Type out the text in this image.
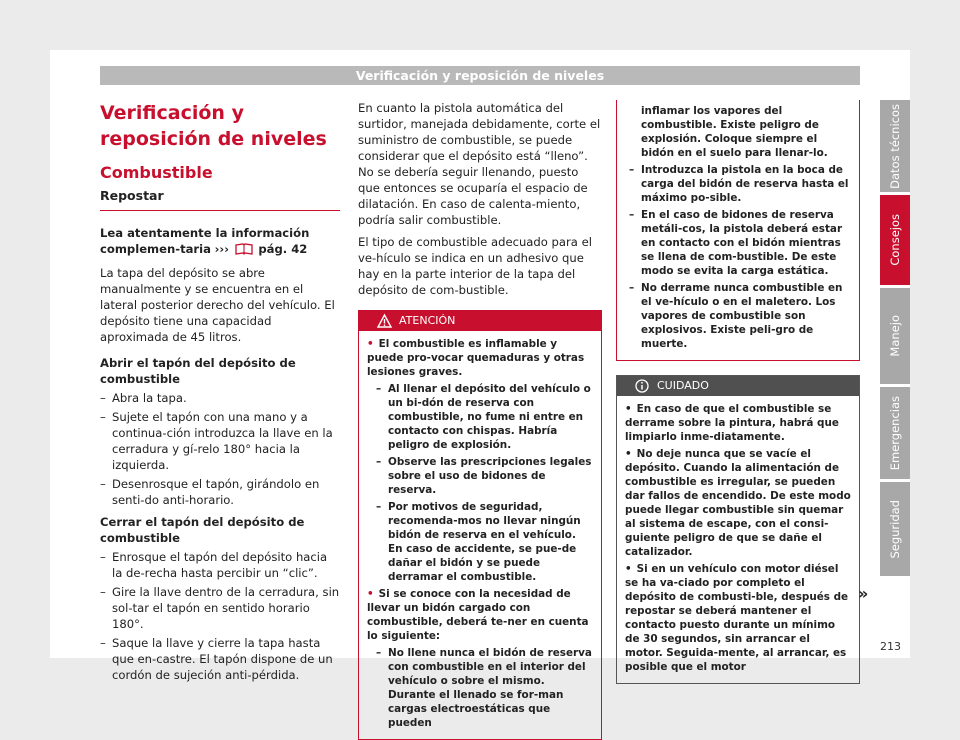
Verificación y reposición de niveles
Verificación y reposición de niveles
Combustible
Repostar

Lea atentamente la información complemen-taria ›››	pág. 42

La tapa del depósito se abre manualmente y se encuentra en el lateral posterior derecho del vehículo. El depósito tiene una capacidad aproximada de 45 litros.

Abrir el tapón del depósito de combustible

– Abra la tapa.
– Sujete el tapón con una mano y a continua-ción introduzca la llave en la cerradura y gí-relo 180° hacia la izquierda.
– Desenrosque el tapón, girándolo en senti-do anti-horario.

Cerrar el tapón del depósito de combustible

– Enrosque el tapón del depósito hacia la de-recha hasta percibir un “clic”.
– Gire la llave dentro de la cerradura, sin sol-tar el tapón en sentido horario 180°.
– Saque la llave y cierre la tapa hasta que en-castre. El tapón dispone de un cordón de sujeción anti-pérdida.

En cuanto la pistola automática del surtidor, manejada debidamente, corte el suministro de combustible, se puede considerar que el depósito está “lleno”. No se debería seguir llenando, puesto que entonces se ocuparía el espacio de dilatación. En caso de calenta-miento, podría salir combustible.

El tipo de combustible adecuado para el ve-hículo se indica en un adhesivo que hay en la parte interior de la tapa del depósito de com-bustible.

ATENCIÓN
• El combustible es inflamable y puede pro-vocar quemaduras y otras lesiones graves.
– Al llenar el depósito del vehículo o un bi-dón de reserva con combustible, no fume ni entre en contacto con chispas. Habría peligro de explosión.
– Observe las prescripciones legales sobre el uso de bidones de reserva.
– Por motivos de seguridad, recomenda-mos no llevar ningún bidón de reserva en el vehículo. En caso de accidente, se pue-de dañar el bidón y se puede derramar el combustible.
• Si se conoce con la necesidad de llevar un bidón cargado con combustible, deberá te-ner en cuenta lo siguiente:
– No llene nunca el bidón de reserva con combustible en el interior del vehículo o sobre el mismo. Durante el llenado se for-man cargas electroestáticas que pueden
inflamar los vapores del combustible. Existe peligro de explosión. Coloque siempre el bidón en el suelo para llenar-lo.
– Introduzca la pistola en la boca de carga del bidón de reserva hasta el máximo po-sible.
– En el caso de bidones de reserva metáli-cos, la pistola deberá estar en contacto con el bidón mientras se llena de com-bustible. De este modo se evita la carga estática.
– No derrame nunca combustible en el ve-hículo o en el maletero. Los vapores de combustible son explosivos. Existe peli-gro de muerte.
CUIDADO
• En caso de que el combustible se derrame sobre la pintura, habrá que limpiarlo inme-diatamente.
• No deje nunca que se vacíe el depósito. Cuando la alimentación de combustible es irregular, se pueden dar fallos de encendido. De este modo puede llegar combustible sin quemar al sistema de escape, con el consi-guiente peligro de que se dañe el catalizador.
• Si en un vehículo con motor diésel se ha va-ciado por completo el depósito de combusti-ble, después de repostar se deberá mantener el contacto puesto durante un mínimo de 30 segundos, sin arrancar el motor. Seguida-mente, al arrancar, es posible que el motor
»
Datos técnicos
Consejos
Manejo
Emergencias
Seguridad
213
